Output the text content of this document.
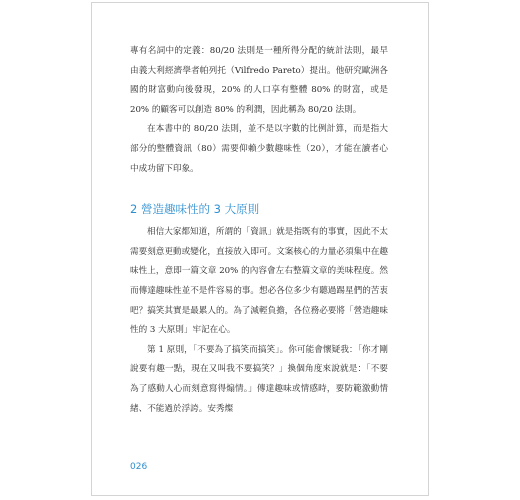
專有名詞中的定義：80/20 法則是一種所得分配的統計法則，最早由義大利經濟學者帕列托（Vilfredo Pareto）提出。他研究歐洲各國的財富動向後發現，20% 的人口享有整體 80% 的財富，或是 20% 的顧客可以創造 80% 的利潤，因此稱為 80/20 法則。

在本書中的 80/20 法則，並不是以字數的比例計算，而是指大部分的整體資訊（80）需要仰賴少數趣味性（20），才能在讀者心中成功留下印象。

2 營造趣味性的 3 大原則

相信大家都知道，所謂的「資訊」就是指既有的事實，因此不太需要刻意更動或變化，直接放入即可。文案核心的力量必須集中在趣味性上，意即一篇文章 20% 的內容會左右整篇文章的美味程度。然而傳達趣味性並不是件容易的事。想必各位多少有聽過踢星們的苦衷吧？搞笑其實是最累人的。為了減輕負擔，各位務必要將「營造趣味性的 3 大原則」牢記在心。

第 1 原則，「不要為了搞笑而搞笑」。你可能會懷疑我：「你才剛說要有趣一點，現在又叫我不要搞笑？」換個角度來說就是：「不要為了感動人心而刻意寫得煽情。」傳達趣味或情感時，要防範激動情緒、不能過於浮誇。安秀燦

026
